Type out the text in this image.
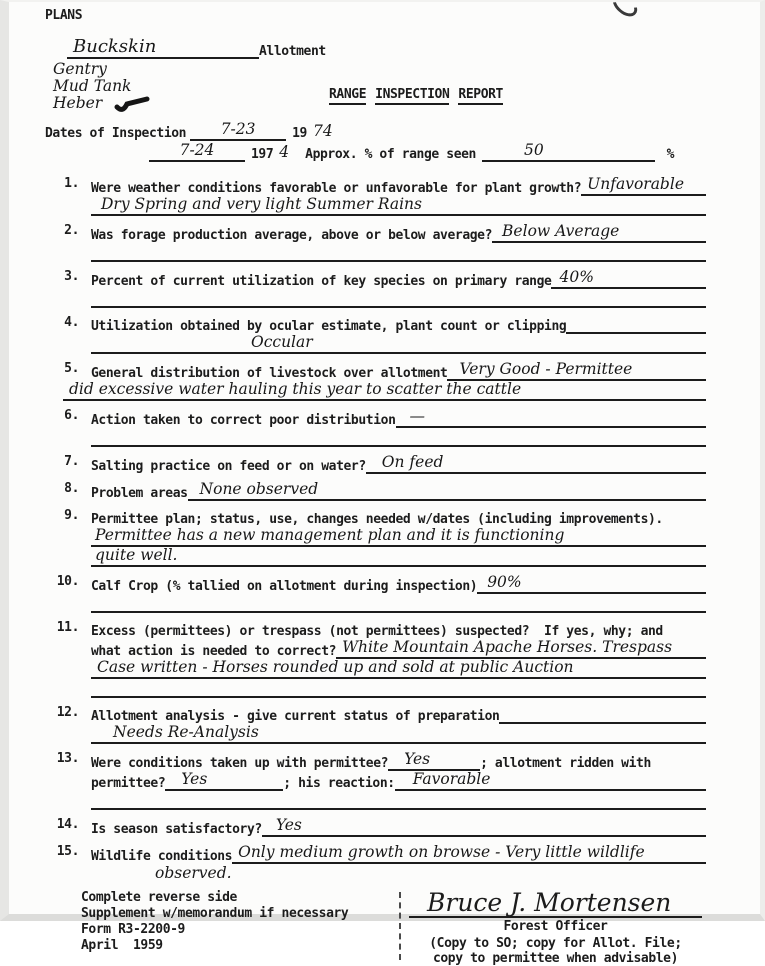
PLANS
Buckskin	Allotment
Gentry
Mud Tank
Heber	RANGE INSPECTION REPORT
Dates of Inspection	7-23	19 74
7-24	197 4	Approx. % of range seen	50	%
1. Were weather conditions favorable or unfavorable for plant growth? Unfavorable
Dry Spring and very light Summer Rains
2. Was forage production average, above or below average? Below Average
3. Percent of current utilization of key species on primary range 40%
4. Utilization obtained by ocular estimate, plant count or clipping
Occular
5. General distribution of livestock over allotment Very Good - Permittee
did excessive water hauling this year to scatter the cattle
6. Action taken to correct poor distribution —
7. Salting practice on feed or on water?	On feed
8. Problem areas None observed
9. Permittee plan; status, use, changes needed w/dates (including improvements).
Permittee has a new management plan and it is functioning
quite well.
10. Calf Crop (% tallied on allotment during inspection) 90%
11. Excess (permittees) or trespass (not permittees) suspected?  If yes, why; and
what action is needed to correct? White Mountain Apache Horses. Trespass
Case written - Horses rounded up and sold at public Auction
12. Allotment analysis - give current status of preparation
Needs Re-Analysis
13. Were conditions taken up with permittee?	Yes	; allotment ridden with
permittee?	Yes	; his reaction:	Favorable
14. Is season satisfactory? Yes
15. Wildlife conditions Only medium growth on browse - Very little wildlife
observed.
Complete reverse side
Supplement w/memorandum if necessary
Form R3-2200-9
April  1959
Bruce J. Mortensen
Forest Officer
(Copy to SO; copy for Allot. File;
copy to permittee when advisable)
